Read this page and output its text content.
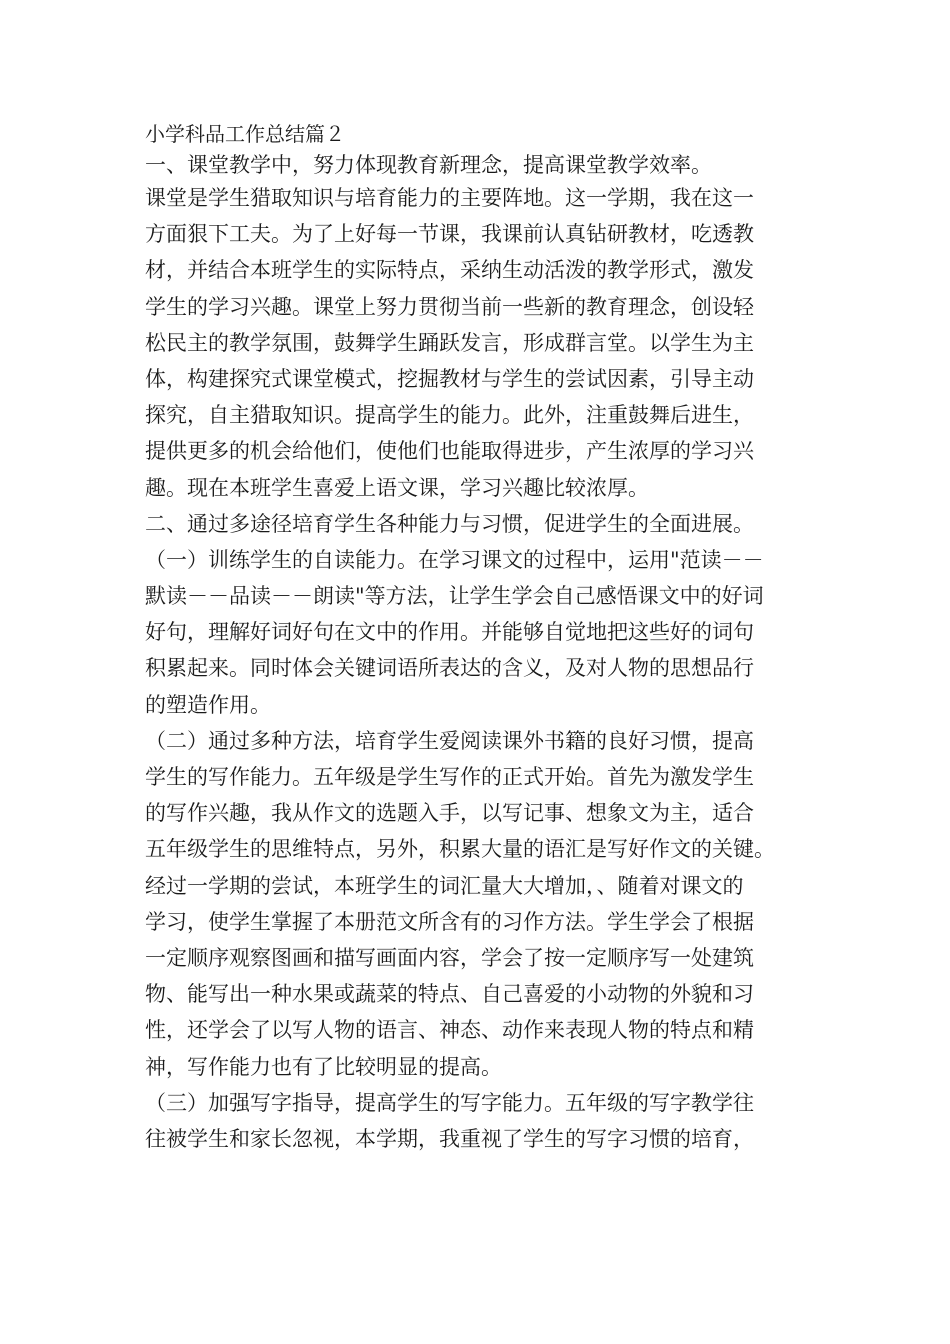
小学科品工作总结篇２
一、课堂教学中，努力体现教育新理念，提高课堂教学效率。
课堂是学生猎取知识与培育能力的主要阵地。这一学期，我在这一
方面狠下工夫。为了上好每一节课，我课前认真钻研教材，吃透教
材，并结合本班学生的实际特点，采纳生动活泼的教学形式，激发
学生的学习兴趣。课堂上努力贯彻当前一些新的教育理念，创设轻
松民主的教学氛围，鼓舞学生踊跃发言，形成群言堂。以学生为主
体，构建探究式课堂模式，挖掘教材与学生的尝试因素，引导主动
探究，自主猎取知识。提高学生的能力。此外，注重鼓舞后进生，
提供更多的机会给他们，使他们也能取得进步，产生浓厚的学习兴
趣。现在本班学生喜爱上语文课，学习兴趣比较浓厚。
二、通过多途径培育学生各种能力与习惯，促进学生的全面进展。
（一）训练学生的自读能力。在学习课文的过程中，运用"范读－－
默读－－品读－－朗读"等方法，让学生学会自己感悟课文中的好词
好句，理解好词好句在文中的作用。并能够自觉地把这些好的词句
积累起来。同时体会关键词语所表达的含义，及对人物的思想品行
的塑造作用。
（二）通过多种方法，培育学生爱阅读课外书籍的良好习惯，提高
学生的写作能力。五年级是学生写作的正式开始。首先为激发学生
的写作兴趣，我从作文的选题入手，以写记事、想象文为主，适合
五年级学生的思维特点，另外，积累大量的语汇是写好作文的关键。
经过一学期的尝试，本班学生的词汇量大大增加，、随着对课文的
学习，使学生掌握了本册范文所含有的习作方法。学生学会了根据
一定顺序观察图画和描写画面内容，学会了按一定顺序写一处建筑
物、能写出一种水果或蔬菜的特点、自己喜爱的小动物的外貌和习
性，还学会了以写人物的语言、神态、动作来表现人物的特点和精
神，写作能力也有了比较明显的提高。
（三）加强写字指导，提高学生的写字能力。五年级的写字教学往
往被学生和家长忽视，本学期，我重视了学生的写字习惯的培育，
